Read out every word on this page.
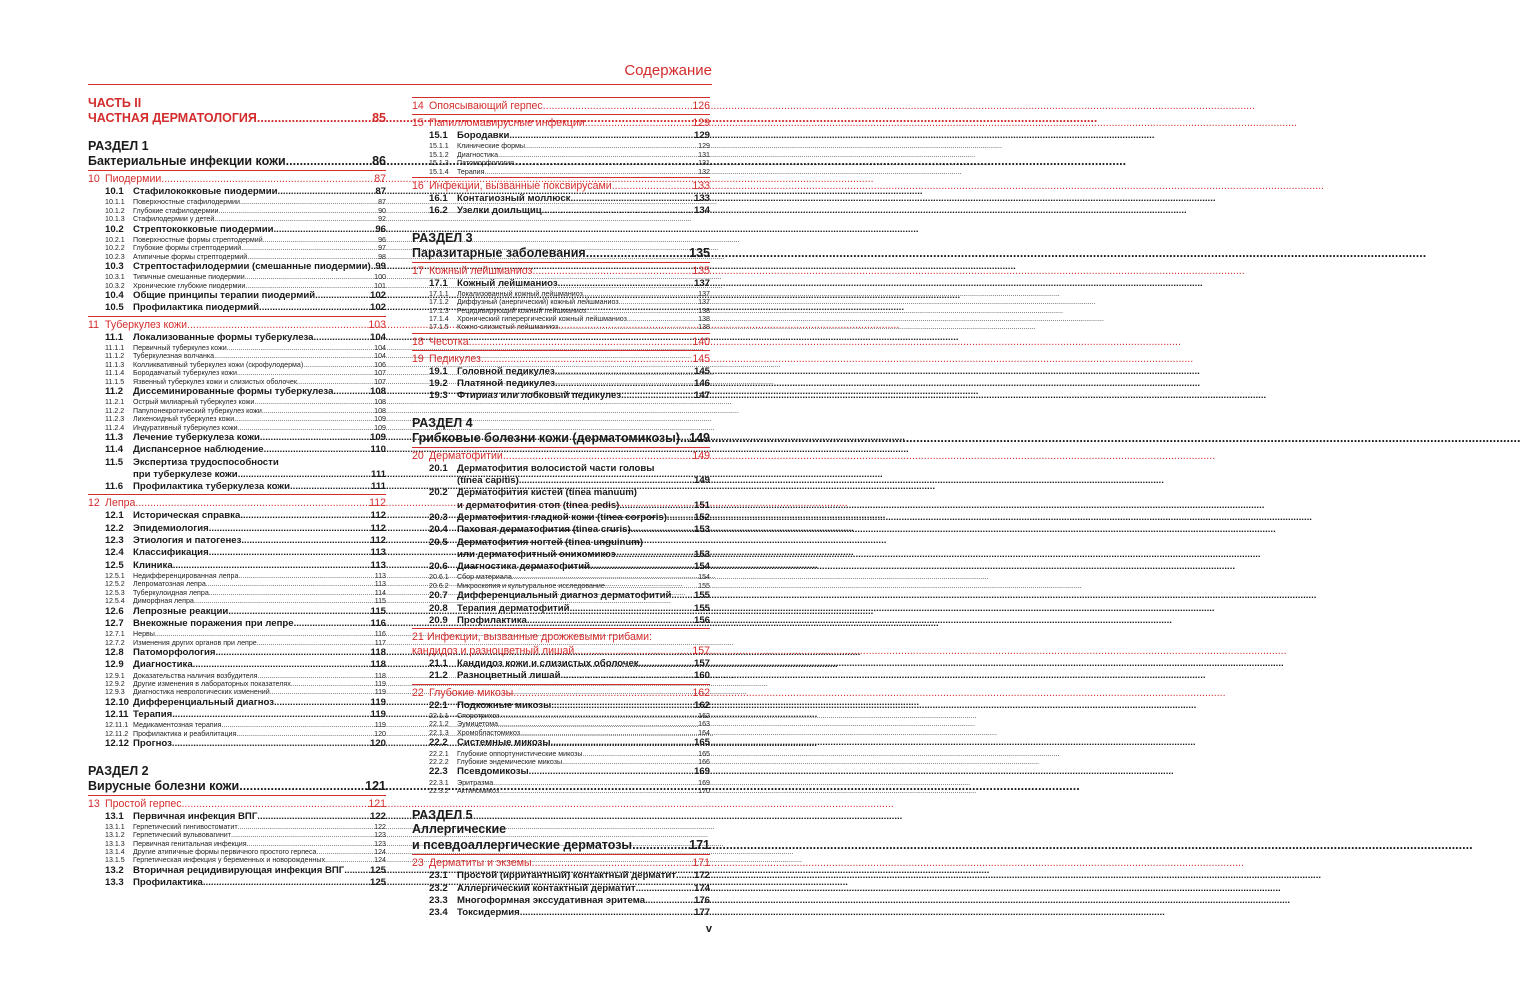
Содержание
ЧАСТЬ II
ЧАСТНАЯ ДЕРМАТОЛОГИЯ .....	85
РАЗДЕЛ 1
Бактериальные инфекции кожи .....	86
10 Пиодермии .....	87
10.1 Стафилококковые пиодермии .....	87
10.1.1	Поверхностные стафилодермии .....	87
10.1.2	Глубокие стафилодермии .....	90
10.1.3	Стафилодермии у детей .....	92
10.2 Стрептококковые пиодермии .....	96
10.2.1	Поверхностные формы стрептодермий .....	96
10.2.2	Глубокие формы стрептодермий .....	97
10.2.3	Атипичные формы стрептодермий .....	98
10.3 Стрептостафилодермии (смешанные пиодермии) ..... 99
10.3.1	Типичные смешанные пиодермии .....	100
10.3.2	Хронические глубокие пиодермии .....	101
10.4 Общие принципы терапии пиодермий .....	102
10.5 Профилактика пиодермий .....	102
11 Туберкулез кожи .....	103
11.1	Локализованные формы туберкулеза .....	104
11.1.1	Первичный туберкулез кожи .....	104
11.1.2	Туберкулезная волчанка .....	104
11.1.3	Колликвативный туберкулез кожи (скрофулодерма) .....	106
11.1.4	Бородавчатый туберкулез кожи .....	107
11.1.5	Язвенный туберкулез кожи и слизистых оболочек .....	107
11.2	Диссеминированные формы туберкулеза .....	108
11.2.1	Острый милиарный туберкулез кожи .....	108
11.2.2	Папулонекротический туберкулез кожи .....	108
11.2.3	Лихеноидный туберкулез кожи .....	109
11.2.4	Индуративный туберкулез кожи .....	109
11.3	Лечение туберкулеза кожи .....	109
11.4	Диспансерное наблюдение .....	110
11.5	Экспертиза трудоспособности
при туберкулезе кожи .....	111
11.6	Профилактика туберкулеза кожи .....	111
12 Лепра .....	112
12.1 Историческая справка .....	112
12.2 Эпидемиология .....	112
12.3 Этиология и патогенез .....	112
12.4 Классификация .....	113
12.5 Клиника .....	113
12.5.1	Недифференцированная лепра .....	113
12.5.2	Лепроматозная лепра .....	113
12.5.3	Туберкулоидная лепра .....	114
12.5.4	Диморфная лепра .....	115
12.6 Лепрозные реакции .....	115
12.7 Внекожные поражения при лепре .....	116
12.7.1	Нервы .....	116
12.7.2	Изменения других органов при лепре .....	117
12.8 Патоморфология .....	118
12.9 Диагностика .....	118
12.9.1	Доказательства наличия возбудителя .....	118
12.9.2	Другие изменения в лабораторных показателях .....	119
12.9.3	Диагностика неврологических изменений .....	119
12.10 Дифференциальный диагноз .....	119
12.11 Терапия .....	119
12.11.1 Медикаментозная терапия .....	119
12.11.2 Профилактика и реабилитация .....	120
12.12 Прогноз .....	120
РАЗДЕЛ 2
Вирусные болезни кожи .....	121
13 Простой герпес .....	121
13.1 Первичная инфекция ВПГ .....	122
13.1.1	Герпетический гингивостоматит .....	122
13.1.2	Герпетический вульвовагинит .....	123
13.1.3	Первичная генитальная инфекция .....	123
13.1.4	Другие атипичные формы первичного простого герпеса .....	124
13.1.5	Герпетическая инфекция у беременных и новорожденных .....	124
13.2 Вторичная рецидивирующая инфекция ВПГ .....	125
13.3 Профилактика .....	125
14 Опоясывающий герпес .....	126
15 Папилломавирусные инфекции .....	129
15.1 Бородавки .....	129
15.1.1	Клинические формы .....	129
15.1.2	Диагностика .....	131
15.1.3	Патоморфология .....	131
15.1.4	Терапия .....	132
16 Инфекции, вызванные поксвирусами .....	133
16.1 Контагиозный моллюск .....	133
16.2 Узелки доильщиц .....	134
РАЗДЕЛ 3
Паразитарные заболевания .....	135
17 Кожный лейшманиоз .....	135
17.1 Кожный лейшманиоз .....	137
17.1.1	Локализованный кожный лейшманиоз .....	137
17.1.2	Диффузный (анергический) кожный лейшманиоз .....	137
17.1.3	Рецидивирующий кожный лейшманиоз .....	138
17.1.4	Хронический гиперергический кожный лейшманиоз .....	138
17.1.5	Кожно-слизистый лейшманиоз .....	138
18 Чесотка .....	140
19 Педикулез .....	145
19.1 Головной педикулез .....	145
19.2 Платяной педикулез .....	146
19.3 Фтириаз или лобковый педикулез .....	147
РАЗДЕЛ 4
Грибковые болезни кожи (дерматомикозы) ..... 149
20 Дерматофитии .....	149
20.1 Дерматофития волосистой части головы
(tinea capitis) .....	149
20.2 Дерматофития кистей (tinea manuum)
и дерматофития стоп (tinea pedis) .....	151
20.3 Дерматофития гладкой кожи (tinea corporis) .....	152
20.4 Паховая дерматофития (tinea cruris) .....	153
20.5 Дерматофития ногтей (tinea unguinum)
или дерматофитный онихомикоз .....	153
20.6 Диагностика дерматофитий .....	154
20.6.1	Сбор материала .....	154
20.6.2	Микроскопия и культуральное исследование .....	155
20.7 Дифференциальный диагноз дерматофитий ..... 155
20.8 Терапия дерматофитий .....	155
20.9 Профилактика .....	156
21 Инфекции, вызванные дрожжевыми грибами:
кандидоз и разноцветный лишай .....	157
21.1 Кандидоз кожи и слизистых оболочек .....	157
21.2 Разноцветный лишай .....	160
22 Глубокие микозы .....	162
22.1 Подкожные микозы .....	162
22.1.1	Споротрихоз .....	162
22.1.2	Эумицетома .....	163
22.1.3	Хромобластомикоз .....	164
22.2 Системные микозы .....	165
22.2.1	Глубокие оппортунистические микозы .....	165
22.2.2	Глубокие эндемические микозы .....	166
22.3 Псевдомикозы .....	169
22.3.1	Эритразма .....	169
22.3.2	Актиномикоз .....	170
РАЗДЕЛ 5
Аллергические
и псевдоаллергические дерматозы .....	171
23 Дерматиты и экземы .....	171
23.1 Простой (ирритантный) контактный дерматит ..... 172
23.2 Аллергический контактный дерматит .....	174
23.3 Многоформная экссудативная эритема .....	176
23.4 Токсидермия .....	177
v
